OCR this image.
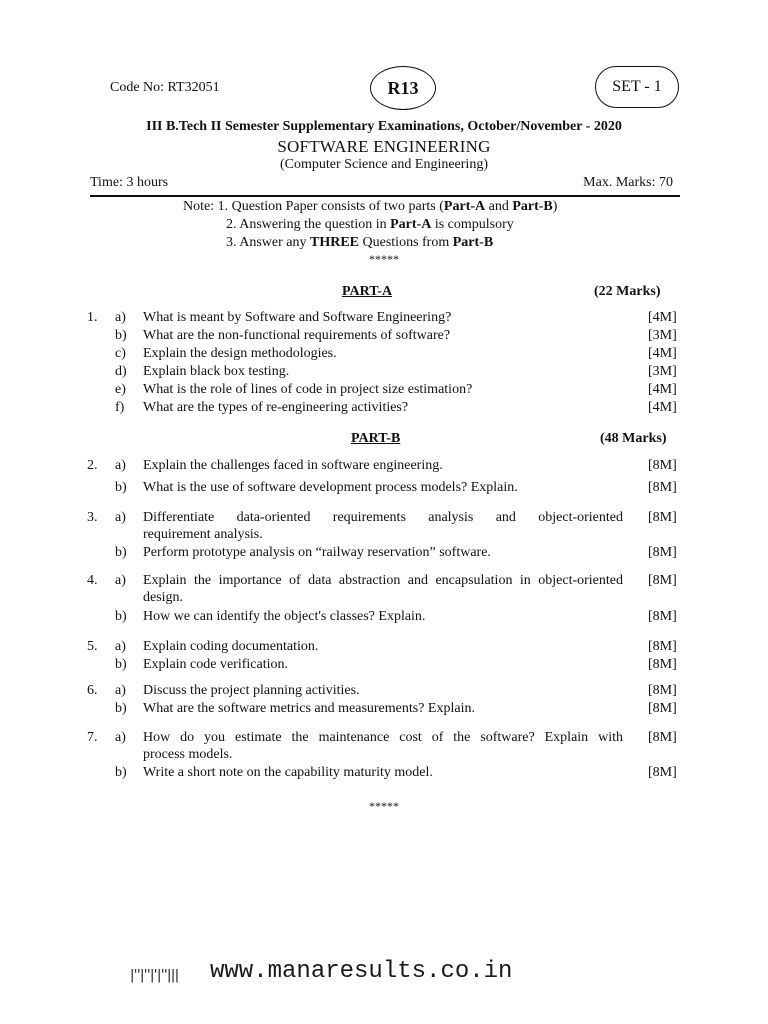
Code No: RT32051	R13	SET - 1
III B.Tech II Semester Supplementary Examinations, October/November - 2020
SOFTWARE ENGINEERING
(Computer Science and Engineering)
Time: 3 hours	Max. Marks: 70
Note: 1. Question Paper consists of two parts (Part-A and Part-B)
2. Answering the question in Part-A is compulsory
3. Answer any THREE Questions from Part-B
*****
PART-A	(22 Marks)
1. a) What is meant by Software and Software Engineering?	[4M]
b) What are the non-functional requirements of software?	[3M]
c) Explain the design methodologies.	[4M]
d) Explain black box testing.	[3M]
e) What is the role of lines of code in project size estimation?	[4M]
f) What are the types of re-engineering activities?	[4M]
PART-B	(48 Marks)
2. a) Explain the challenges faced in software engineering.	[8M]
b) What is the use of software development process models? Explain.	[8M]
3. a) Differentiate data-oriented requirements analysis and object-oriented
requirement analysis.
[8M]
b) Perform prototype analysis on “railway reservation” software.	[8M]
4. a) Explain the importance of data abstraction and encapsulation in object-oriented
design.
[8M]
b) How we can identify the object's classes? Explain.	[8M]
5. a) Explain coding documentation.	[8M]
b) Explain code verification.	[8M]
6. a) Discuss the project planning activities.	[8M]
b) What are the software metrics and measurements? Explain.	[8M]
7. a) How do you estimate the maintenance cost of the software? Explain with
process models.
[8M]
b) Write a short note on the capability maturity model.	[8M]
*****
|''|''|'|''||| www.manaresults.co.in
